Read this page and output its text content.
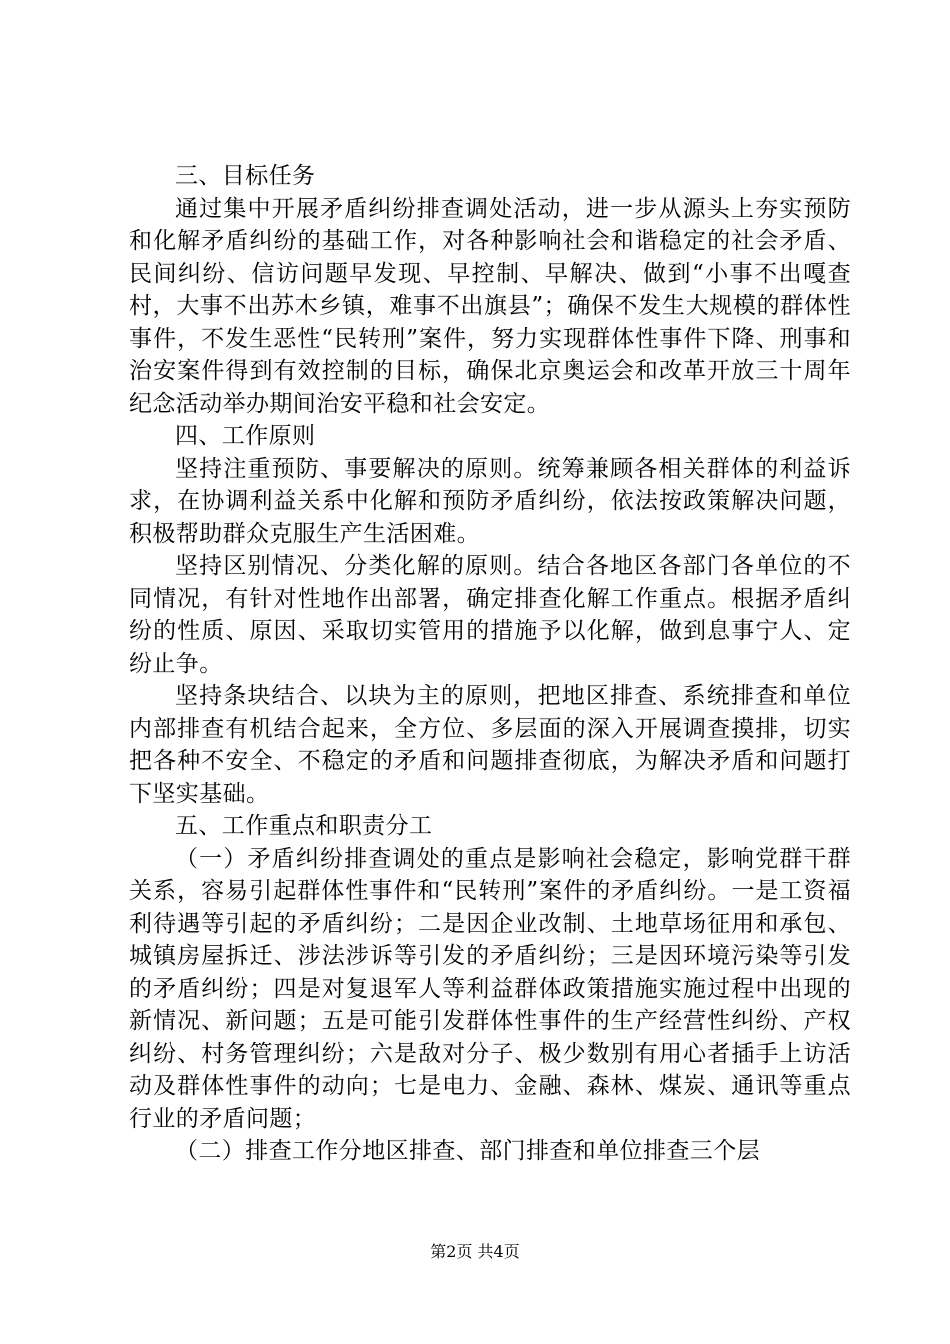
三、目标任务

通过集中开展矛盾纠纷排查调处活动，进一步从源头上夯实预防和化解矛盾纠纷的基础工作，对各种影响社会和谐稳定的社会矛盾、民间纠纷、信访问题早发现、早控制、早解决、做到“小事不出嘎查村，大事不出苏木乡镇，难事不出旗县”；确保不发生大规模的群体性事件，不发生恶性“民转刑”案件，努力实现群体性事件下降、刑事和治安案件得到有效控制的目标，确保北京奥运会和改革开放三十周年纪念活动举办期间治安平稳和社会安定。

四、工作原则

坚持注重预防、事要解决的原则。统筹兼顾各相关群体的利益诉求，在协调利益关系中化解和预防矛盾纠纷，依法按政策解决问题，积极帮助群众克服生产生活困难。

坚持区别情况、分类化解的原则。结合各地区各部门各单位的不同情况，有针对性地作出部署，确定排查化解工作重点。根据矛盾纠纷的性质、原因、采取切实管用的措施予以化解，做到息事宁人、定纷止争。

坚持条块结合、以块为主的原则，把地区排查、系统排查和单位内部排查有机结合起来，全方位、多层面的深入开展调查摸排，切实把各种不安全、不稳定的矛盾和问题排查彻底，为解决矛盾和问题打下坚实基础。

五、工作重点和职责分工

（一）矛盾纠纷排查调处的重点是影响社会稳定，影响党群干群关系，容易引起群体性事件和“民转刑”案件的矛盾纠纷。一是工资福利待遇等引起的矛盾纠纷；二是因企业改制、土地草场征用和承包、城镇房屋拆迁、涉法涉诉等引发的矛盾纠纷；三是因环境污染等引发的矛盾纠纷；四是对复退军人等利益群体政策措施实施过程中出现的新情况、新问题；五是可能引发群体性事件的生产经营性纠纷、产权纠纷、村务管理纠纷；六是敌对分子、极少数别有用心者插手上访活动及群体性事件的动向；七是电力、金融、森林、煤炭、通讯等重点行业的矛盾问题；

（二）排查工作分地区排查、部门排查和单位排查三个层

第2页 共4页
